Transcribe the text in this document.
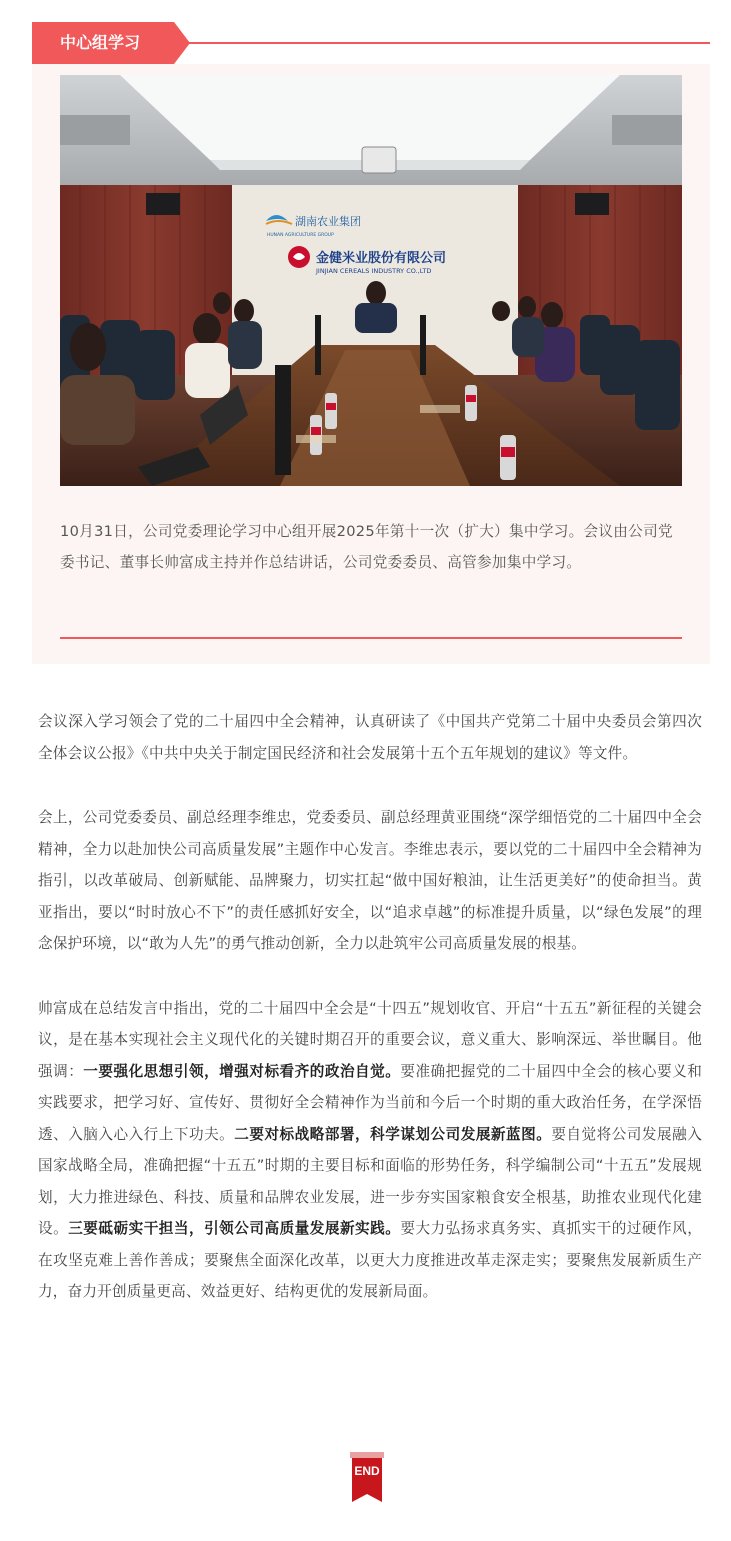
中心组学习
湖南农业集团
HUNAN AGRICULTURE GROUP
金健米业股份有限公司
JINJIAN CEREALS INDUSTRY CO.,LTD

10月31日，公司党委理论学习中心组开展2025年第十一次（扩大）集中学习。会议由公司党委书记、董事长帅富成主持并作总结讲话，公司党委委员、高管参加集中学习。

会议深入学习领会了党的二十届四中全会精神，认真研读了《中国共产党第二十届中央委员会第四次全体会议公报》《中共中央关于制定国民经济和社会发展第十五个五年规划的建议》等文件。

会上，公司党委委员、副总经理李维忠，党委委员、副总经理黄亚围绕“深学细悟党的二十届四中全会精神，全力以赴加快公司高质量发展”主题作中心发言。李维忠表示，要以党的二十届四中全会精神为指引，以改革破局、创新赋能、品牌聚力，切实扛起“做中国好粮油，让生活更美好”的使命担当。黄亚指出，要以“时时放心不下”的责任感抓好安全，以“追求卓越”的标准提升质量，以“绿色发展”的理念保护环境，以“敢为人先”的勇气推动创新，全力以赴筑牢公司高质量发展的根基。

帅富成在总结发言中指出，党的二十届四中全会是“十四五”规划收官、开启“十五五”新征程的关键会议，是在基本实现社会主义现代化的关键时期召开的重要会议，意义重大、影响深远、举世瞩目。他强调：一要强化思想引领，增强对标看齐的政治自觉。要准确把握党的二十届四中全会的核心要义和实践要求，把学习好、宣传好、贯彻好全会精神作为当前和今后一个时期的重大政治任务，在学深悟透、入脑入心入行上下功夫。二要对标战略部署，科学谋划公司发展新蓝图。要自觉将公司发展融入国家战略全局，准确把握“十五五”时期的主要目标和面临的形势任务，科学编制公司“十五五”发展规划，大力推进绿色、科技、质量和品牌农业发展，进一步夯实国家粮食安全根基，助推农业现代化建设。三要砥砺实干担当，引领公司高质量发展新实践。要大力弘扬求真务实、真抓实干的过硬作风，在攻坚克难上善作善成；要聚焦全面深化改革，以更大力度推进改革走深走实；要聚焦发展新质生产力，奋力开创质量更高、效益更好、结构更优的发展新局面。

END
